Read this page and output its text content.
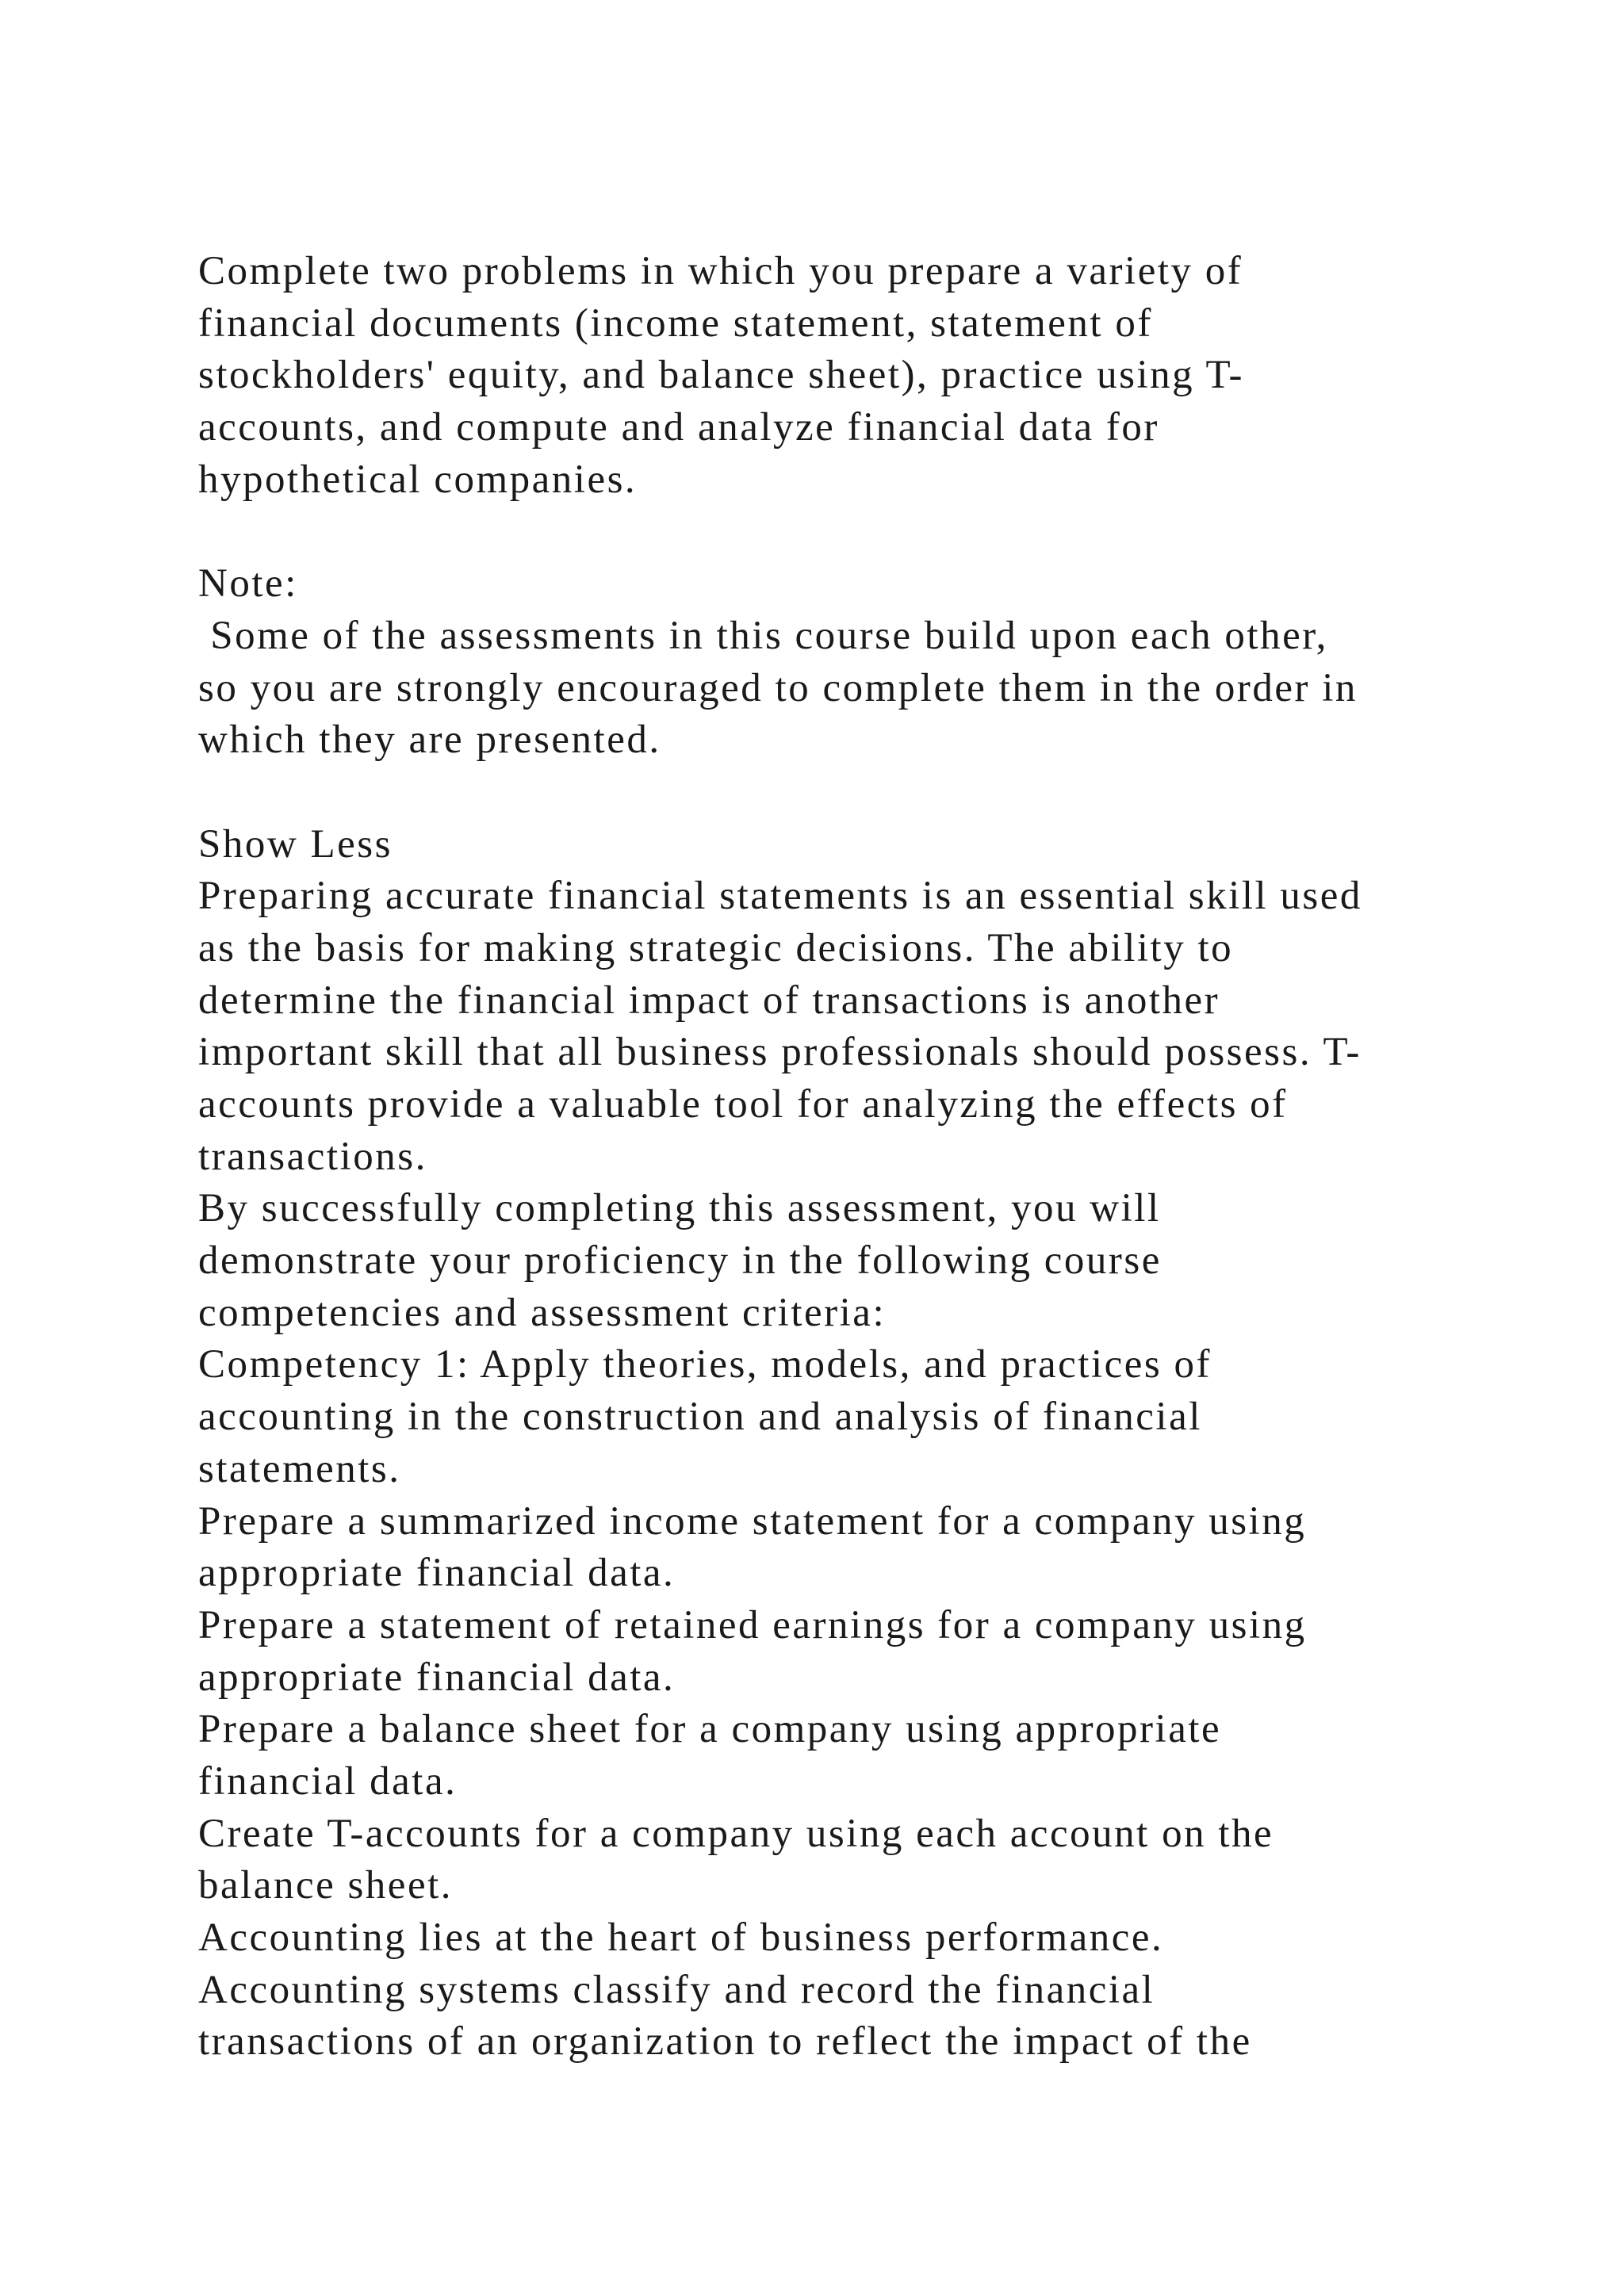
Complete two problems in which you prepare a variety of
financial documents (income statement, statement of
stockholders' equity, and balance sheet), practice using T-
accounts, and compute and analyze financial data for
hypothetical companies.
Note:
Some of the assessments in this course build upon each other,
so you are strongly encouraged to complete them in the order in
which they are presented.
Show Less
Preparing accurate financial statements is an essential skill used
as the basis for making strategic decisions. The ability to
determine the financial impact of transactions is another
important skill that all business professionals should possess. T-
accounts provide a valuable tool for analyzing the effects of
transactions.
By successfully completing this assessment, you will
demonstrate your proficiency in the following course
competencies and assessment criteria:
Competency 1: Apply theories, models, and practices of
accounting in the construction and analysis of financial
statements.
Prepare a summarized income statement for a company using
appropriate financial data.
Prepare a statement of retained earnings for a company using
appropriate financial data.
Prepare a balance sheet for a company using appropriate
financial data.
Create T-accounts for a company using each account on the
balance sheet.
Accounting lies at the heart of business performance.
Accounting systems classify and record the financial
transactions of an organization to reflect the impact of the
